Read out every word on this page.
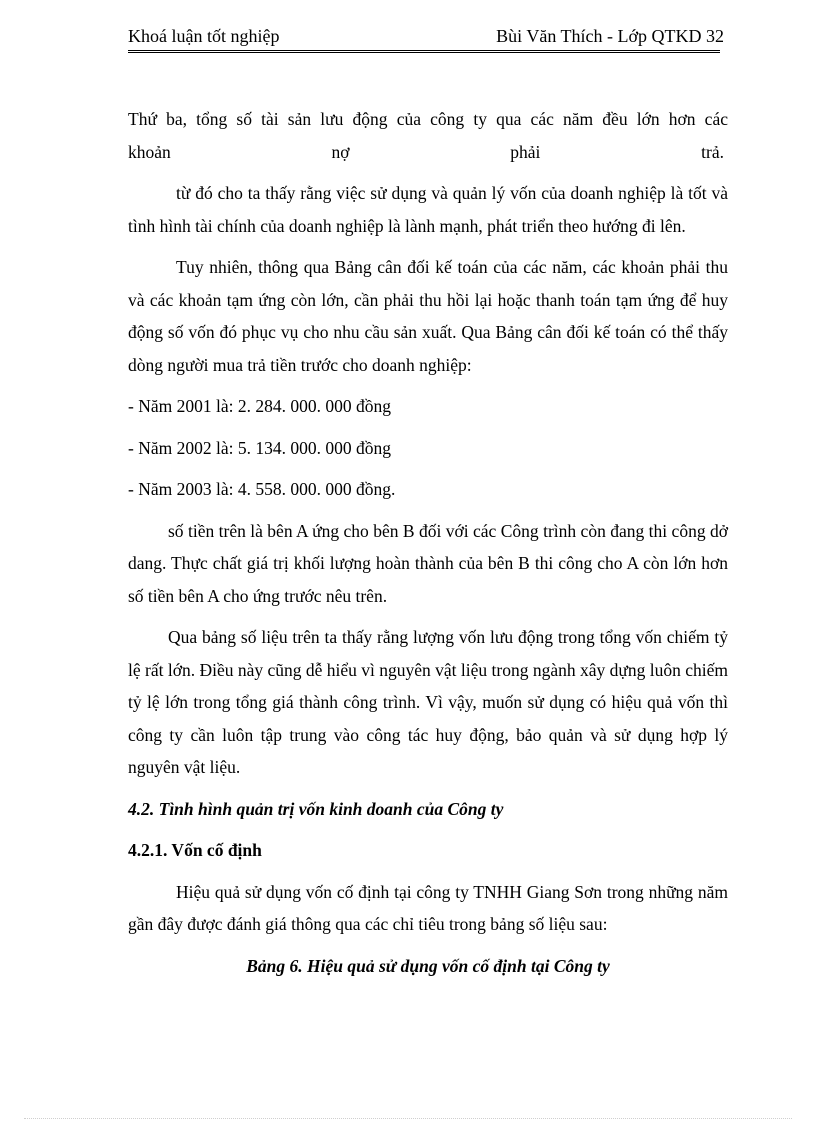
Khoá luận tốt nghiệp	Bùi Văn Thích - Lớp QTKD 32

Thứ ba, tổng số tài sản lưu động của công ty qua các năm đều lớn hơn các

khoản	nợ	phải	trả.

từ đó cho ta thấy rằng việc sử dụng và quản lý vốn của doanh nghiệp là tốt và tình hình tài chính của doanh nghiệp là lành mạnh, phát triển theo hướng đi lên.

Tuy nhiên, thông qua Bảng cân đối kế toán của các năm, các khoản phải thu và các khoản tạm ứng còn lớn, cần phải thu hồi lại hoặc thanh toán tạm ứng để huy động số vốn đó phục vụ cho nhu cầu sản xuất. Qua Bảng cân đối kế toán có thể thấy dòng người mua trả tiền trước cho doanh nghiệp:

- Năm 2001 là: 2. 284. 000. 000 đồng

- Năm 2002 là: 5. 134. 000. 000 đồng

- Năm 2003 là: 4. 558. 000. 000 đồng.

số tiền trên là bên A ứng cho bên B đối với các Công trình còn đang thi công dở dang. Thực chất giá trị khối lượng hoàn thành của bên B thi công cho A còn lớn hơn số tiền bên A cho ứng trước nêu trên.

Qua bảng số liệu trên ta thấy rằng lượng vốn lưu động trong tổng vốn chiếm tỷ lệ rất lớn. Điều này cũng dễ hiểu vì nguyên vật liệu trong ngành xây dựng luôn chiếm tỷ lệ lớn trong tổng giá thành công trình. Vì vậy, muốn sử dụng có hiệu quả vốn thì công ty cần luôn tập trung vào công tác huy động, bảo quản và sử dụng hợp lý nguyên vật liệu.

4.2. Tình hình quản trị vốn kinh doanh của Công ty

4.2.1. Vốn cố định

Hiệu quả sử dụng vốn cố định tại công ty TNHH Giang Sơn trong những năm gần đây được đánh giá thông qua các chỉ tiêu trong bảng số liệu sau:

Bảng 6. Hiệu quả sử dụng vốn cố định tại Công ty
